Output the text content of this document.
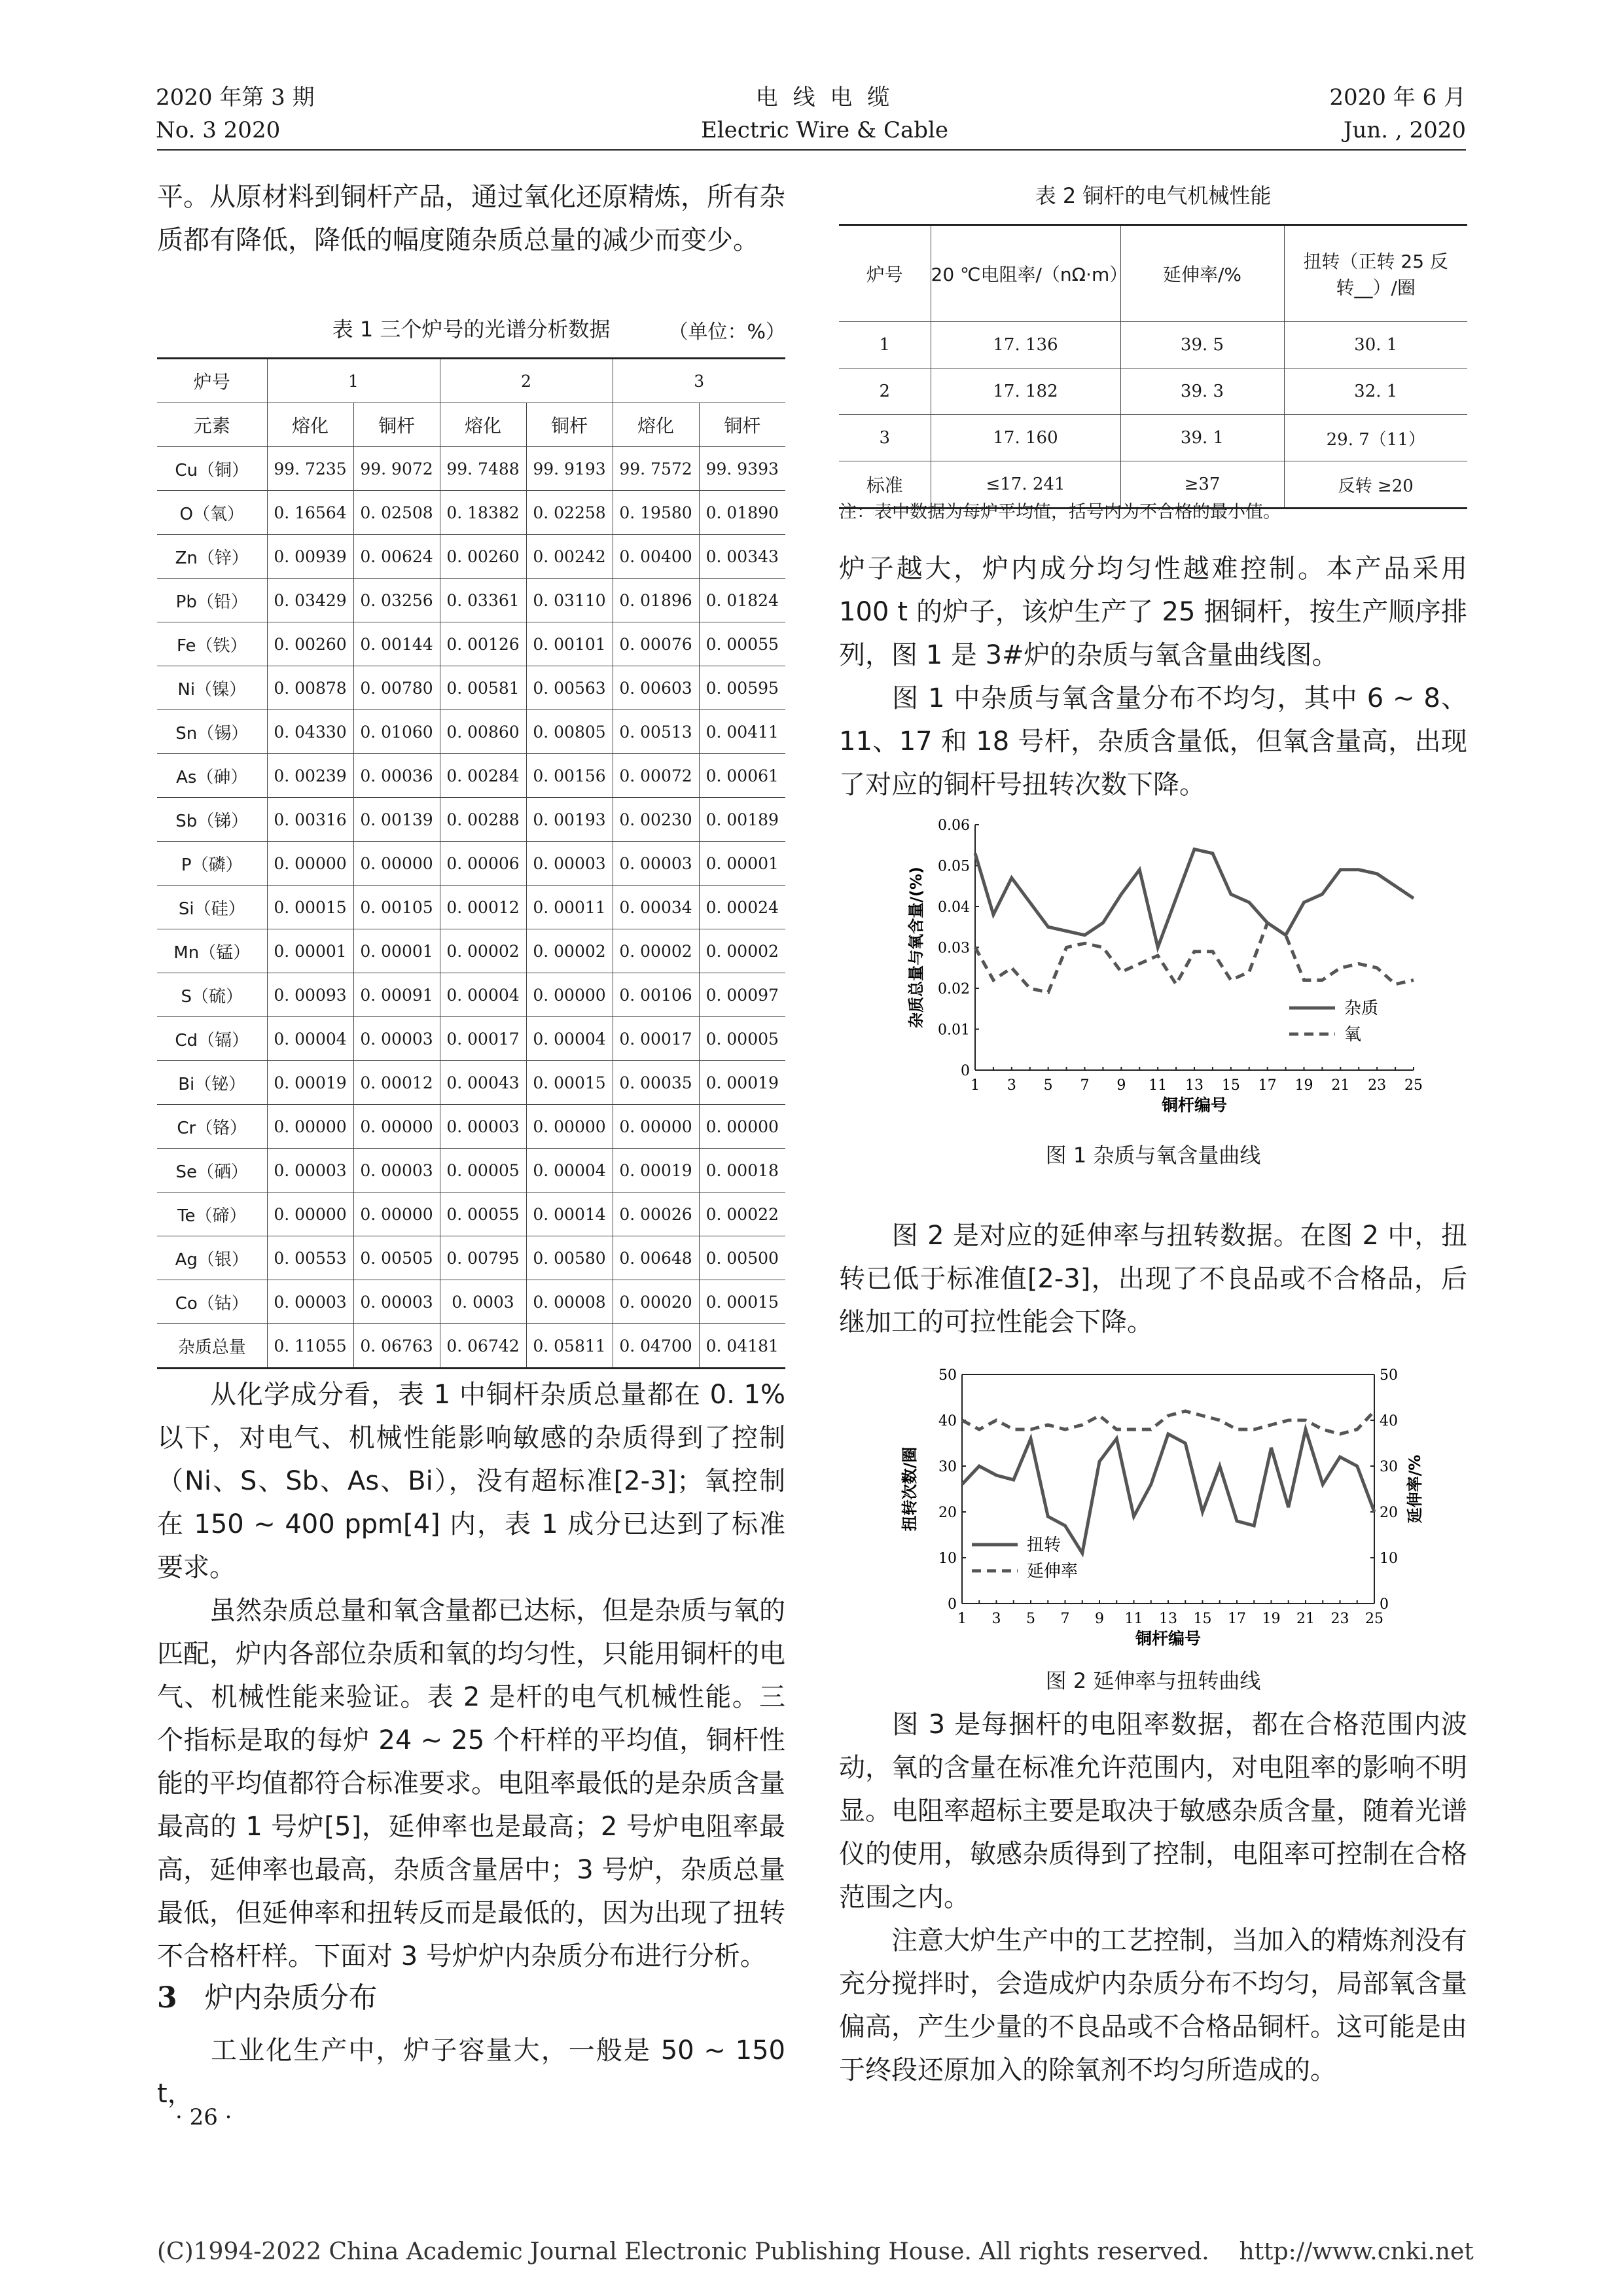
2020 年第 3 期
No. 3 2020
电 线 电 缆
Electric Wire & Cable
2020 年 6 月
Jun. , 2020

平。从原材料到铜杆产品，通过氧化还原精炼，所有杂质都有降低，降低的幅度随杂质总量的减少而变少。

表 1 三个炉号的光谱分析数据	（单位：%）
炉号	1		2		3	
元素	熔化	铜杆	熔化	铜杆	熔化	铜杆
Cu（铜）	99. 7235	99. 9072	99. 7488	99. 9193	99. 7572	99. 9393
O（氧）	0. 16564	0. 02508	0. 18382	0. 02258	0. 19580	0. 01890
Zn（锌）	0. 00939	0. 00624	0. 00260	0. 00242	0. 00400	0. 00343
Pb（铅）	0. 03429	0. 03256	0. 03361	0. 03110	0. 01896	0. 01824
Fe（铁）	0. 00260	0. 00144	0. 00126	0. 00101	0. 00076	0. 00055
Ni（镍）	0. 00878	0. 00780	0. 00581	0. 00563	0. 00603	0. 00595
Sn（锡）	0. 04330	0. 01060	0. 00860	0. 00805	0. 00513	0. 00411
As（砷）	0. 00239	0. 00036	0. 00284	0. 00156	0. 00072	0. 00061
Sb（锑）	0. 00316	0. 00139	0. 00288	0. 00193	0. 00230	0. 00189
P（磷）	0. 00000	0. 00000	0. 00006	0. 00003	0. 00003	0. 00001
Si（硅）	0. 00015	0. 00105	0. 00012	0. 00011	0. 00034	0. 00024
Mn（锰）	0. 00001	0. 00001	0. 00002	0. 00002	0. 00002	0. 00002
S（硫）	0. 00093	0. 00091	0. 00004	0. 00000	0. 00106	0. 00097
Cd（镉）	0. 00004	0. 00003	0. 00017	0. 00004	0. 00017	0. 00005
Bi（铋）	0. 00019	0. 00012	0. 00043	0. 00015	0. 00035	0. 00019
Cr（铬）	0. 00000	0. 00000	0. 00003	0. 00000	0. 00000	0. 00000
Se（硒）	0. 00003	0. 00003	0. 00005	0. 00004	0. 00019	0. 00018
Te（碲）	0. 00000	0. 00000	0. 00055	0. 00014	0. 00026	0. 00022
Ag（银）	0. 00553	0. 00505	0. 00795	0. 00580	0. 00648	0. 00500
Co（钴）	0. 00003	0. 00003	0. 0003	0. 00008	0. 00020	0. 00015
杂质总量	0. 11055	0. 06763	0. 06742	0. 05811	0. 04700	0. 04181

从化学成分看，表 1 中铜杆杂质总量都在 0. 1%以下，对电气、机械性能影响敏感的杂质得到了控制（Ni、S、Sb、As、Bi），没有超标准[2-3]；氧控制在 150 ~ 400 ppm[4] 内，表 1 成分已达到了标准要求。

虽然杂质总量和氧含量都已达标，但是杂质与氧的匹配，炉内各部位杂质和氧的均匀性，只能用铜杆的电气、机械性能来验证。表 2 是杆的电气机械性能。三个指标是取的每炉 24 ~ 25 个杆样的平均值，铜杆性能的平均值都符合标准要求。电阻率最低的是杂质含量最高的 1 号炉[5]，延伸率也是最高；2 号炉电阻率最高，延伸率也最高，杂质含量居中；3 号炉，杂质总量最低，但延伸率和扭转反而是最低的，因为出现了扭转不合格杆样。下面对 3 号炉炉内杂质分布进行分析。

3 炉内杂质分布

工业化生产中，炉子容量大，一般是 50 ~ 150 t，

· 26 ·
表 2 铜杆的电气机械性能
炉号	20 ℃电阻率/（nΩ·m）	延伸率/%	扭转（正转 25 反转__）/圈
1	17. 136	39. 5	30. 1
2	17. 182	39. 3	32. 1
3	17. 160	39. 1	29. 7（11）
标准	≤17. 241	≥37	反转 ≥20
注：表中数据为每炉平均值，括号内为不合格的最小值。

炉子越大，炉内成分均匀性越难控制。本产品采用 100 t 的炉子，该炉生产了 25 捆铜杆，按生产顺序排列，图 1 是 3#炉的杂质与氧含量曲线图。

图 1 中杂质与氧含量分布不均匀，其中 6 ~ 8、11、17 和 18 号杆，杂质含量低，但氧含量高，出现了对应的铜杆号扭转次数下降。

0
0.01
0.02
0.03
0.04
0.05
0.06
1 3 5 7 9 11 13 15 17 19 21 23 25
铜杆编号
杂质总量与氧含量/(%)	杂质
氧
图 1 杂质与氧含量曲线

图 2 是对应的延伸率与扭转数据。在图 2 中，扭转已低于标准值[2-3]，出现了不良品或不合格品，后继加工的可拉性能会下降。

0	0
10	10
20	20
30	30
40	40
50	50
1 3 5 7 9 11 13 15 17 19 21 23 25
铜杆编号
扭转次数/圈	延伸率/%
扭转
延伸率
图 2 延伸率与扭转曲线

图 3 是每捆杆的电阻率数据，都在合格范围内波动，氧的含量在标准允许范围内，对电阻率的影响不明显。电阻率超标主要是取决于敏感杂质含量，随着光谱仪的使用，敏感杂质得到了控制，电阻率可控制在合格范围之内。

注意大炉生产中的工艺控制，当加入的精炼剂没有充分搅拌时，会造成炉内杂质分布不均匀，局部氧含量偏高，产生少量的不良品或不合格品铜杆。这可能是由于终段还原加入的除氧剂不均匀所造成的。

(C)1994-2022 China Academic Journal Electronic Publishing House. All rights reserved.    http://www.cnki.net
